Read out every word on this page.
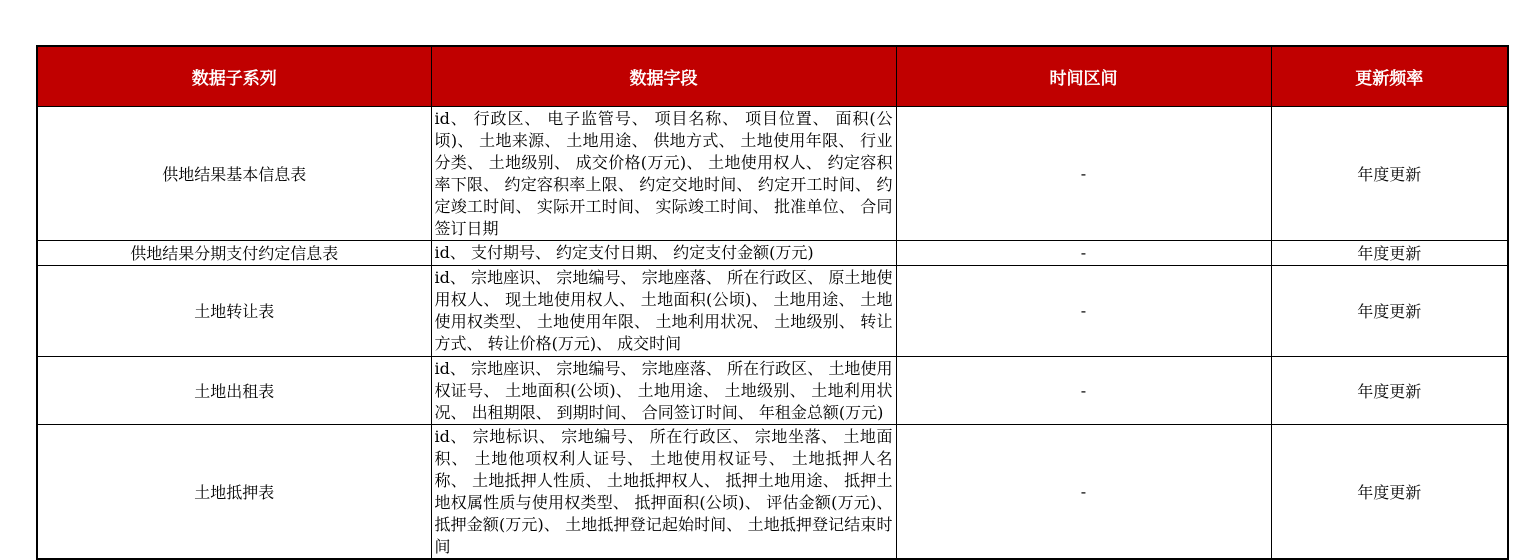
数据子系列	数据字段	时间区间	更新频率
供地结果基本信息表	id、 行政区、 电子监管号、 项目名称、 项目位置、 面积(公顷)、 土地来源、 土地用途、 供地方式、 土地使用年限、 行业分类、 土地级别、 成交价格(万元)、 土地使用权人、 约定容积率下限、 约定容积率上限、 约定交地时间、 约定开工时间、 约定竣工时间、 实际开工时间、 实际竣工时间、 批准单位、 合同签订日期	-	年度更新
供地结果分期支付约定信息表	id、 支付期号、 约定支付日期、 约定支付金额(万元)	-	年度更新
土地转让表	id、 宗地座识、 宗地编号、 宗地座落、 所在行政区、 原土地使用权人、 现土地使用权人、 土地面积(公顷)、 土地用途、 土地使用权类型、 土地使用年限、 土地利用状况、 土地级别、 转让方式、 转让价格(万元)、 成交时间	-	年度更新
土地出租表	id、 宗地座识、 宗地编号、 宗地座落、 所在行政区、 土地使用权证号、 土地面积(公顷)、 土地用途、 土地级别、 土地利用状况、 出租期限、 到期时间、 合同签订时间、 年租金总额(万元)	-	年度更新
土地抵押表	id、 宗地标识、 宗地编号、 所在行政区、 宗地坐落、 土地面积、 土地他项权利人证号、 土地使用权证号、 土地抵押人名称、 土地抵押人性质、 土地抵押权人、 抵押土地用途、 抵押土地权属性质与使用权类型、 抵押面积(公顷)、 评估金额(万元)、 抵押金额(万元)、 土地抵押登记起始时间、 土地抵押登记结束时间	-	年度更新
